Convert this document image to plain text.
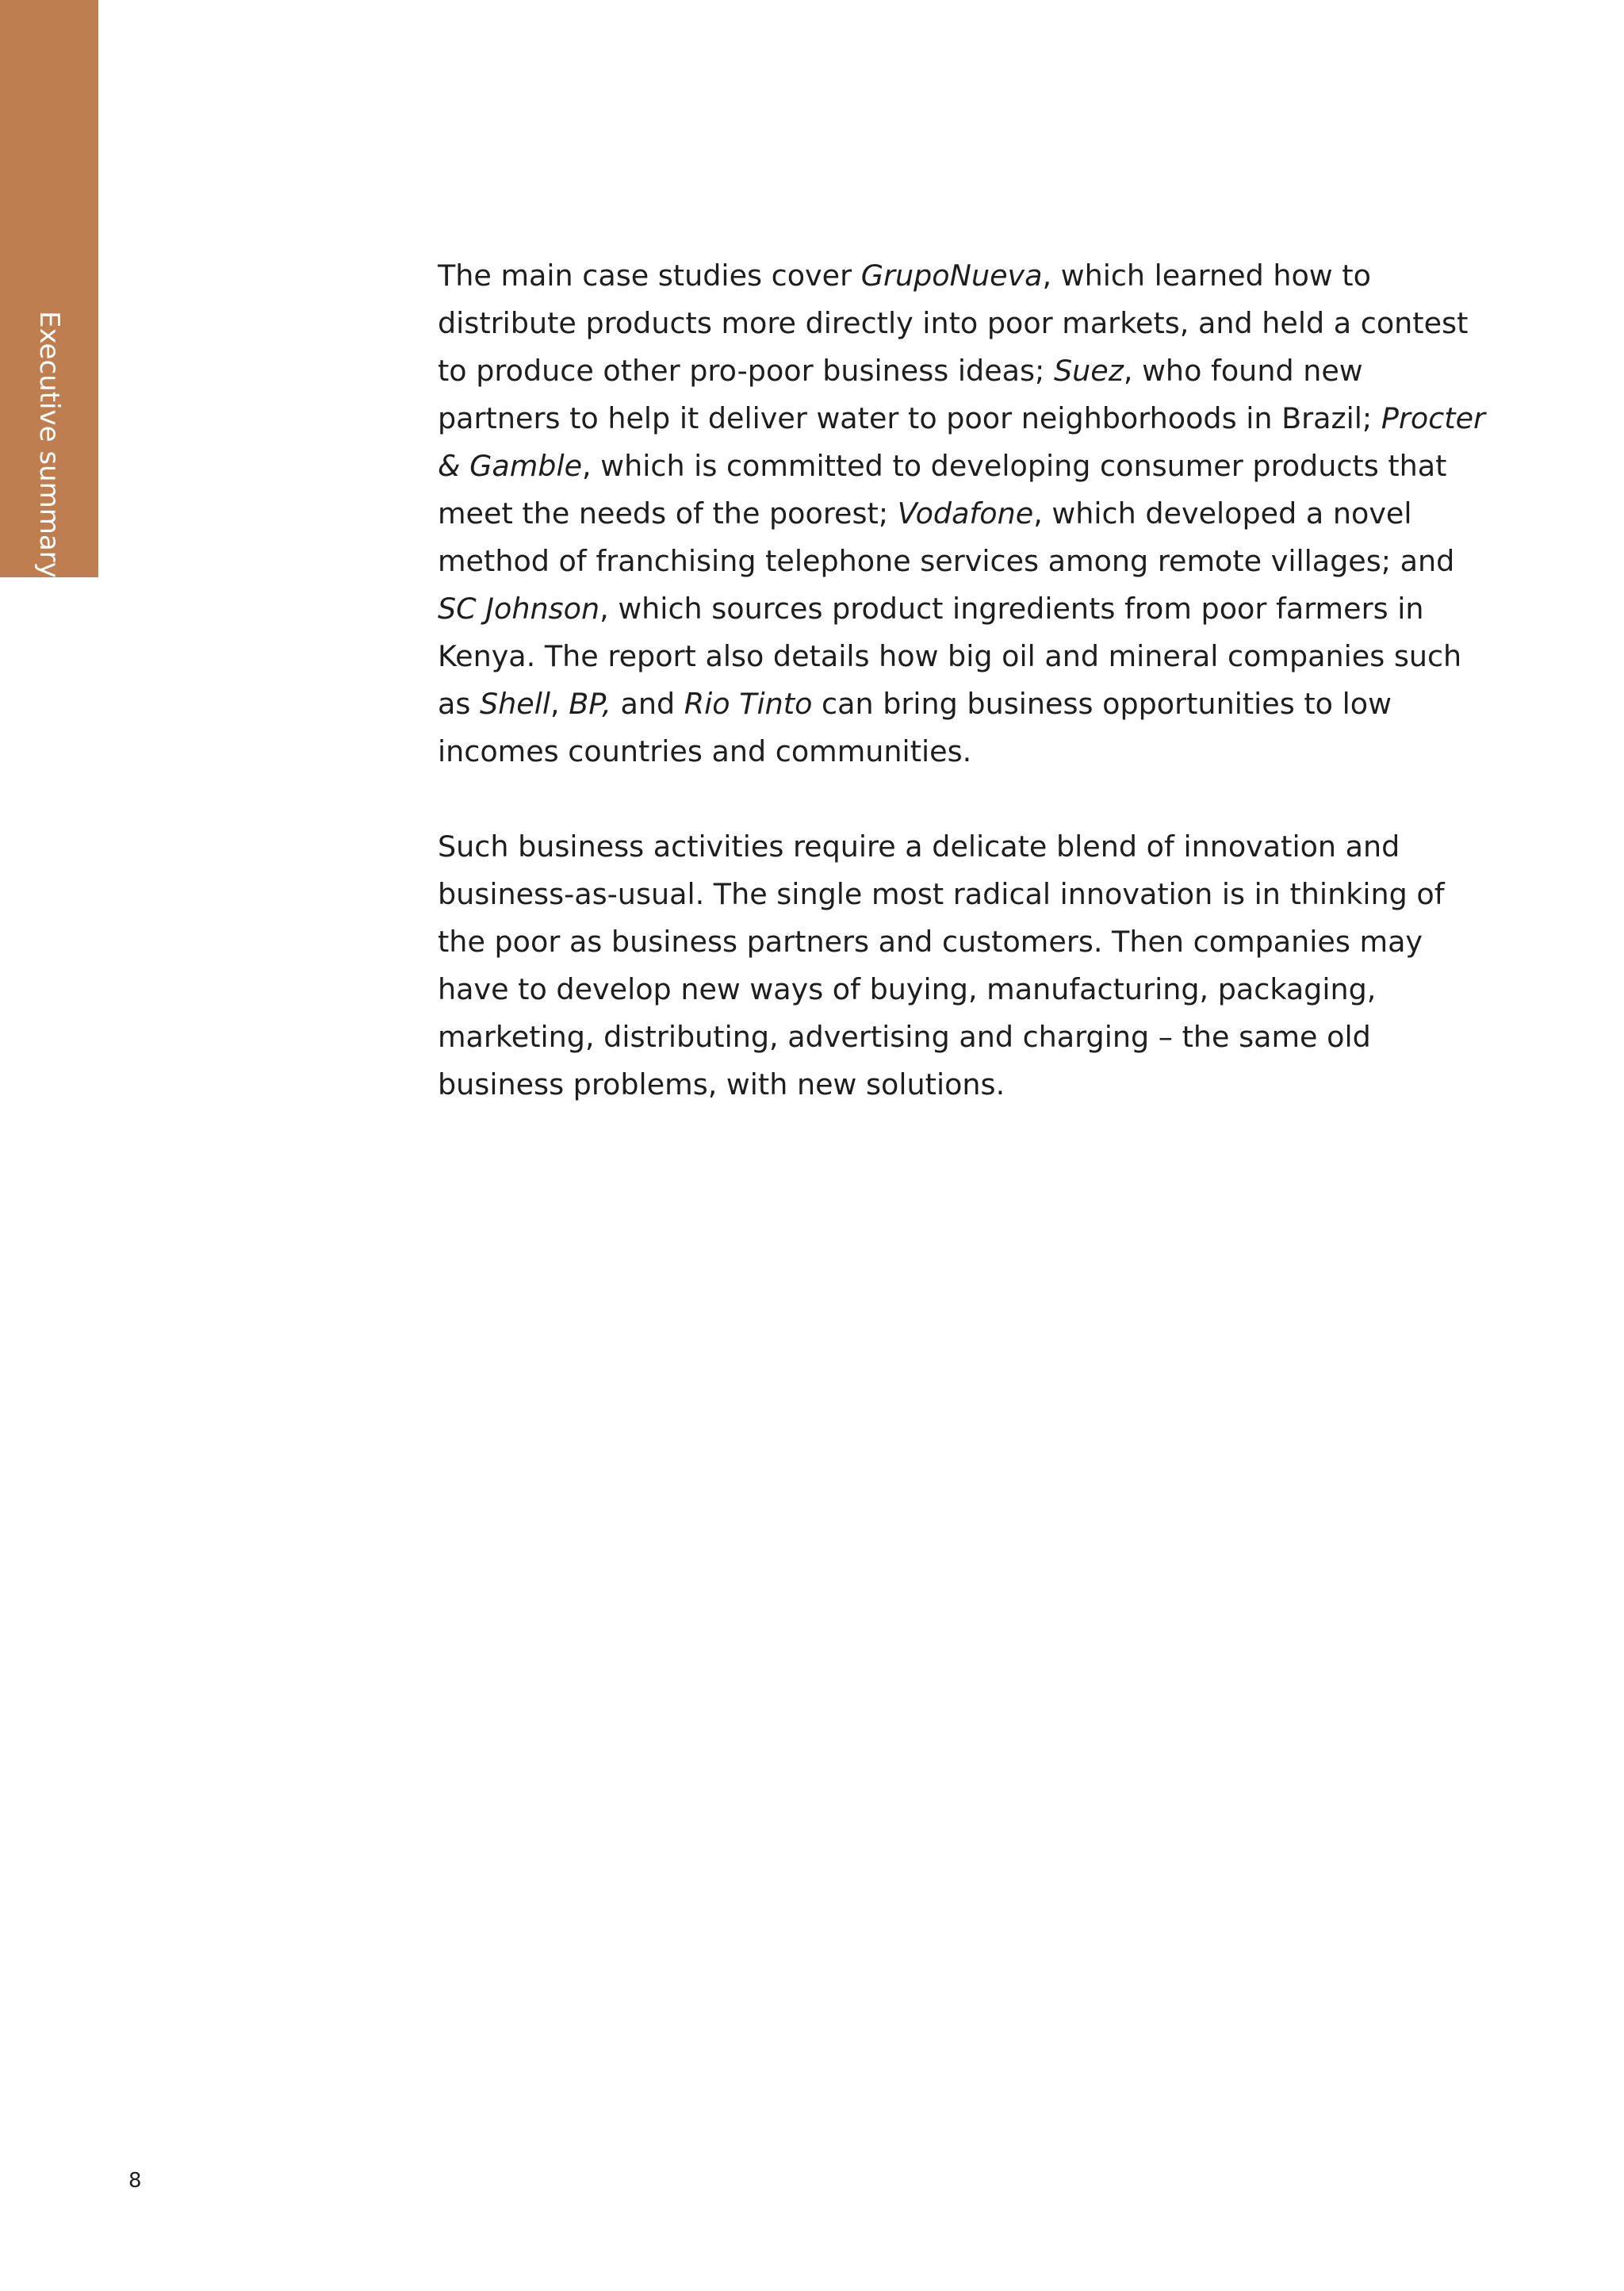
Executive summary

The main case studies cover GrupoNueva, which learned how to distribute products more directly into poor markets, and held a contest to produce other pro-poor business ideas; Suez, who found new partners to help it deliver water to poor neighborhoods in Brazil; Procter & Gamble, which is committed to developing consumer products that meet the needs of the poorest; Vodafone, which developed a novel method of franchising telephone services among remote villages; and SC Johnson, which sources product ingredients from poor farmers in Kenya. The report also details how big oil and mineral companies such as Shell, BP, and Rio Tinto can bring business opportunities to low incomes countries and communities.

Such business activities require a delicate blend of innovation and business-as-usual. The single most radical innovation is in thinking of the poor as business partners and customers. Then companies may have to develop new ways of buying, manufacturing, packaging, marketing, distributing, advertising and charging – the same old business problems, with new solutions.

8
